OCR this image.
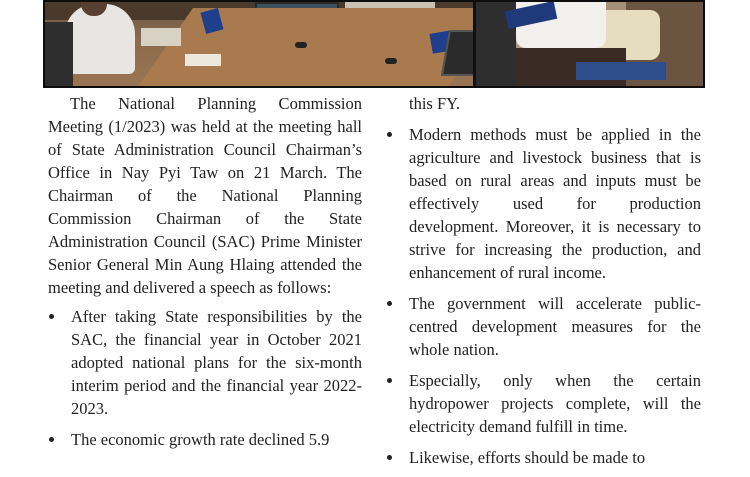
The National Planning Commission Meeting (1/2023) was held at the meeting hall of State Administration Council Chairman’s Office in Nay Pyi Taw on 21 March. The Chairman of the National Planning Commission Chairman of the State Administration Council (SAC) Prime Minister Senior General Min Aung Hlaing attended the meeting and delivered a speech as follows:

After taking State responsibilities by the SAC, the financial year in October 2021 adopted national plans for the six-month interim period and the financial year 2022-2023.
The economic growth rate declined 5.9

this FY.

Modern methods must be applied in the agriculture and livestock business that is based on rural areas and inputs must be effectively used for production development. Moreover, it is necessary to strive for increasing the production, and enhancement of rural income.
The government will accelerate public-centred development measures for the whole nation.
Especially, only when the certain hydropower projects complete, will the electricity demand fulfill in time.
Likewise, efforts should be made to
